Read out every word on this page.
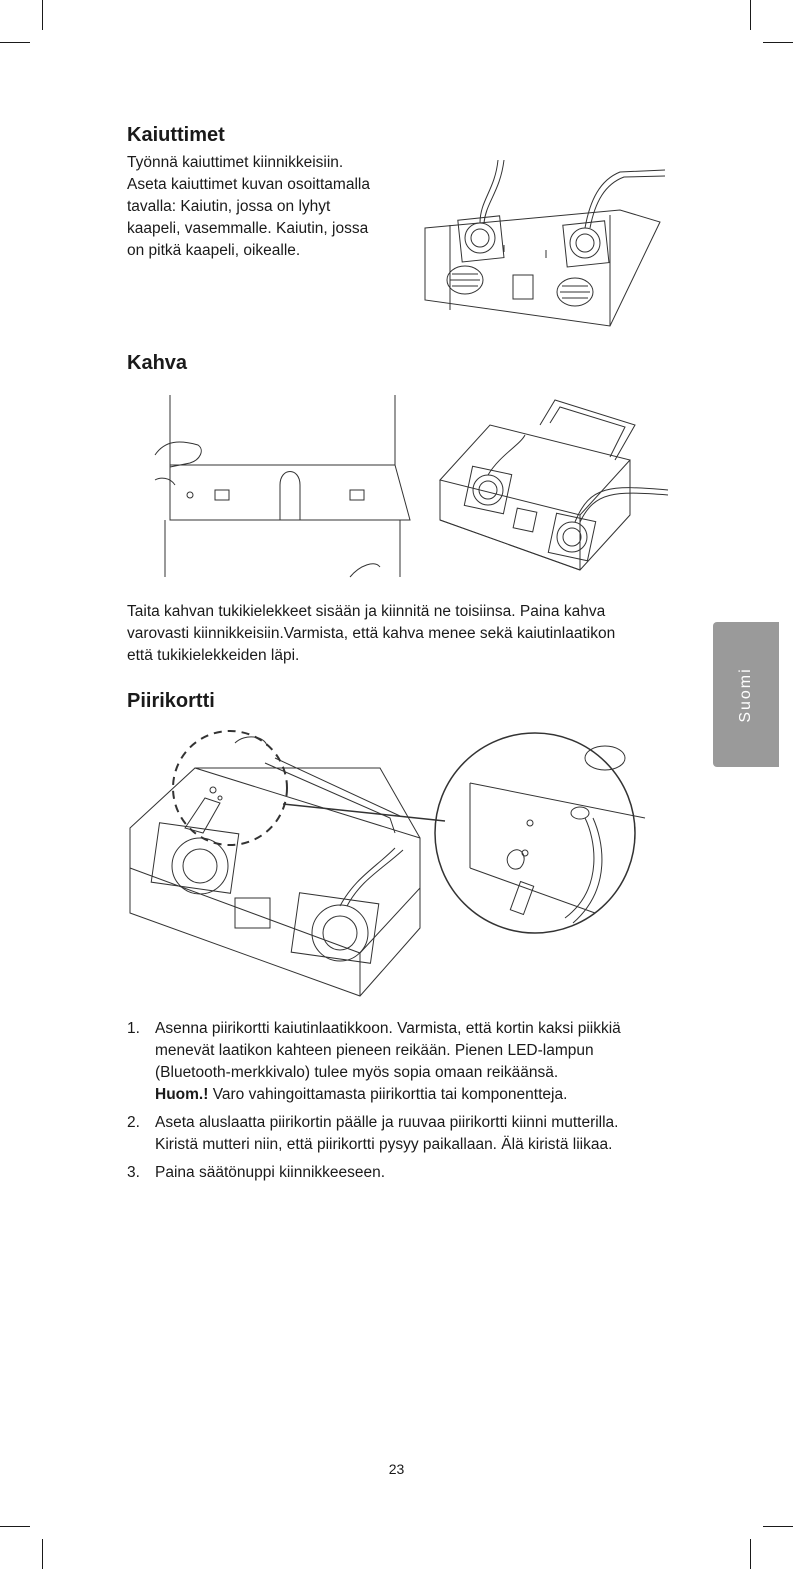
Kaiuttimet

Työnnä kaiuttimet kiinnikkeisiin.
Aseta kaiuttimet kuvan osoittamalla
tavalla: Kaiutin, jossa on lyhyt
kaapeli, vasemmalle. Kaiutin, jossa
on pitkä kaapeli, oikealle.

Kahva

Taita kahvan tukikielekkeet sisään ja kiinnitä ne toisiinsa. Paina kahva
varovasti kiinnikkeisiin.Varmista, että kahva menee sekä kaiutinlaatikon
että tukikielekkeiden läpi.

Piirikortti
1. Asenna piirikortti kaiutinlaatikkoon. Varmista, että kortin kaksi piikkiä
menevät laatikon kahteen pieneen reikään. Pienen LED-lampun
(Bluetooth-merkkivalo) tulee myös sopia omaan reikäänsä.
Huom.! Varo vahingoittamasta piirikorttia tai komponenttеja.
2. Aseta aluslaatta piirikortin päälle ja ruuvaa piirikortti kiinni mutterilla.
Kiristä mutteri niin, että piirikortti pysyy paikallaan. Älä kiristä liikaa.
3. Paina säätönuppi kiinnikkeeseen.
Suomi
23
